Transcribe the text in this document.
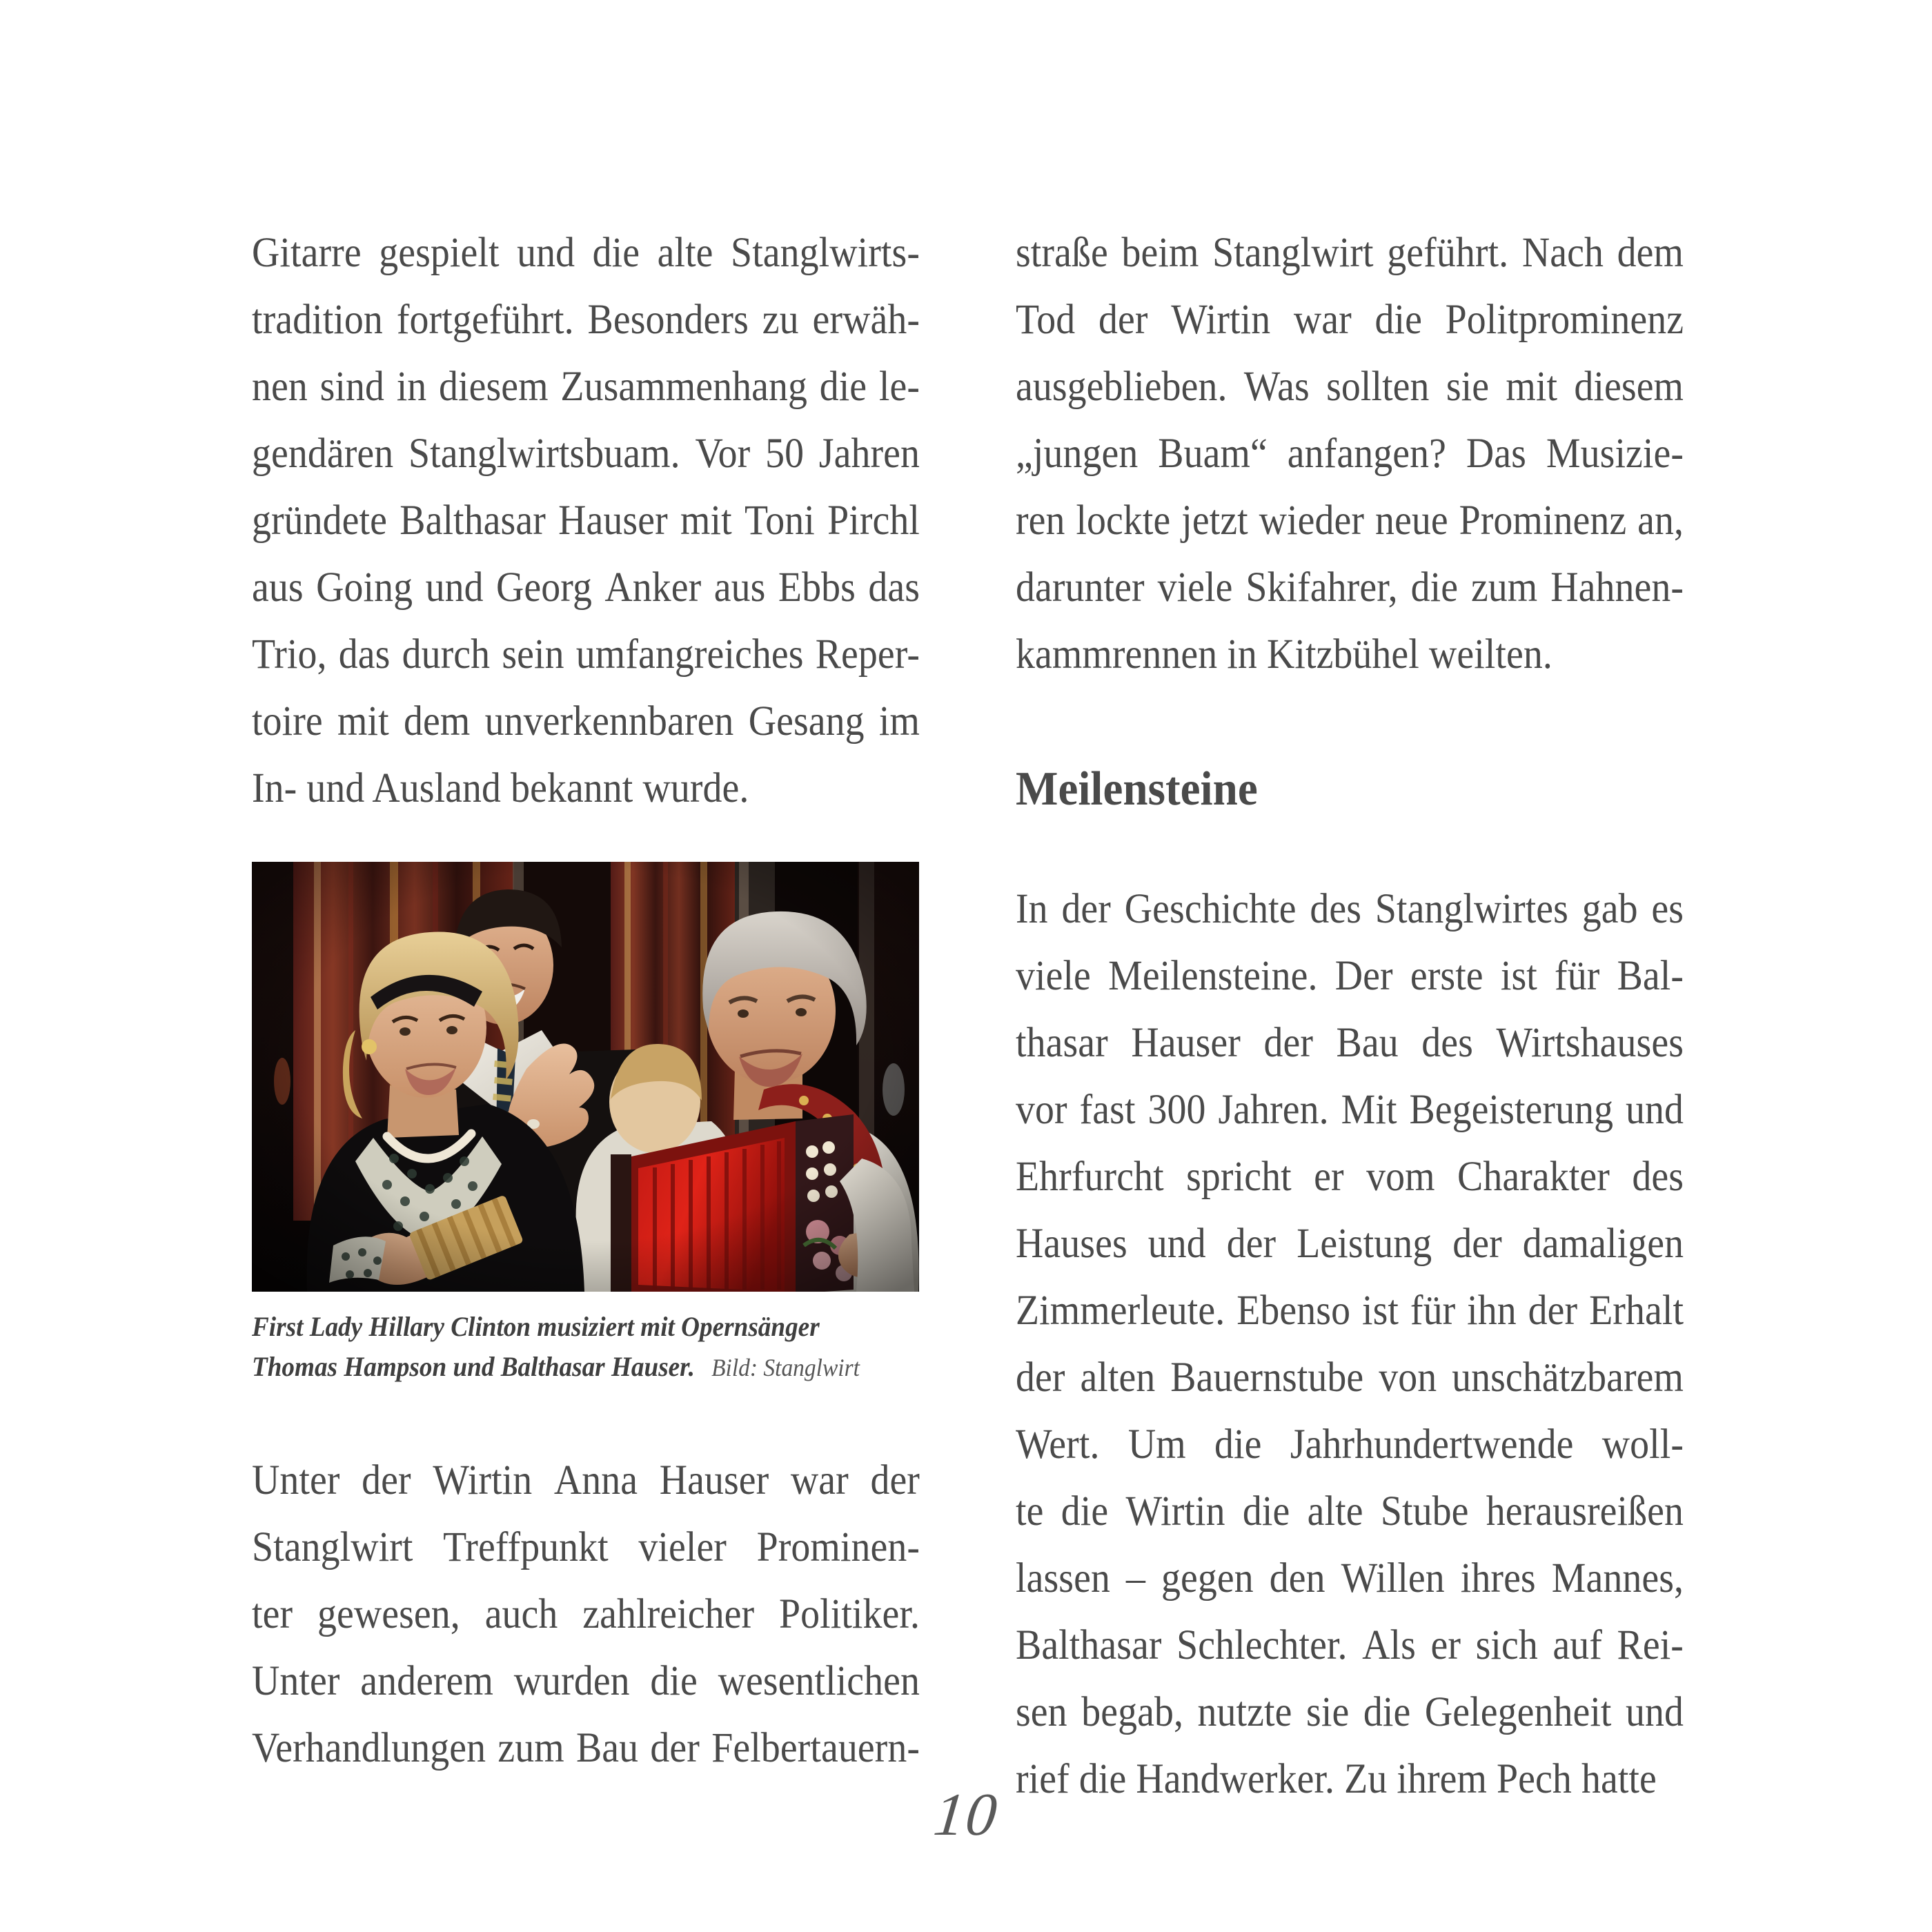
Gitarre gespielt und die alte Stanglwirts-
tradition fortgeführt. Besonders zu erwäh-
nen sind in diesem Zusammenhang die le-
gendären Stanglwirtsbuam. Vor 50 Jahren
gründete Balthasar Hauser mit Toni Pirchl
aus Going und Georg Anker aus Ebbs das
Trio, das durch sein umfangreiches Reper-
toire mit dem unverkennbaren Gesang im
In- und Ausland bekannt wurde.
First Lady Hillary Clinton musiziert mit Opernsänger
Thomas Hampson und Balthasar Hauser. Bild: Stanglwirt
Unter der Wirtin Anna Hauser war der
Stanglwirt Treffpunkt vieler Prominen-
ter gewesen, auch zahlreicher Politiker.
Unter anderem wurden die wesentlichen
Verhandlungen zum Bau der Felbertauern-
straße beim Stanglwirt geführt. Nach dem
Tod der Wirtin war die Politprominenz
ausgeblieben. Was sollten sie mit diesem
„jungen Buam“ anfangen? Das Musizie-
ren lockte jetzt wieder neue Prominenz an,
darunter viele Skifahrer, die zum Hahnen-
kammrennen in Kitzbühel weilten.
Meilensteine
In der Geschichte des Stanglwirtes gab es
viele Meilensteine. Der erste ist für Bal-
thasar Hauser der Bau des Wirtshauses
vor fast 300 Jahren. Mit Begeisterung und
Ehrfurcht spricht er vom Charakter des
Hauses und der Leistung der damaligen
Zimmerleute. Ebenso ist für ihn der Erhalt
der alten Bauernstube von unschätzbarem
Wert. Um die Jahrhundertwende woll-
te die Wirtin die alte Stube herausreißen
lassen – gegen den Willen ihres Mannes,
Balthasar Schlechter. Als er sich auf Rei-
sen begab, nutzte sie die Gelegenheit und
rief die Handwerker. Zu ihrem Pech hatte
10
